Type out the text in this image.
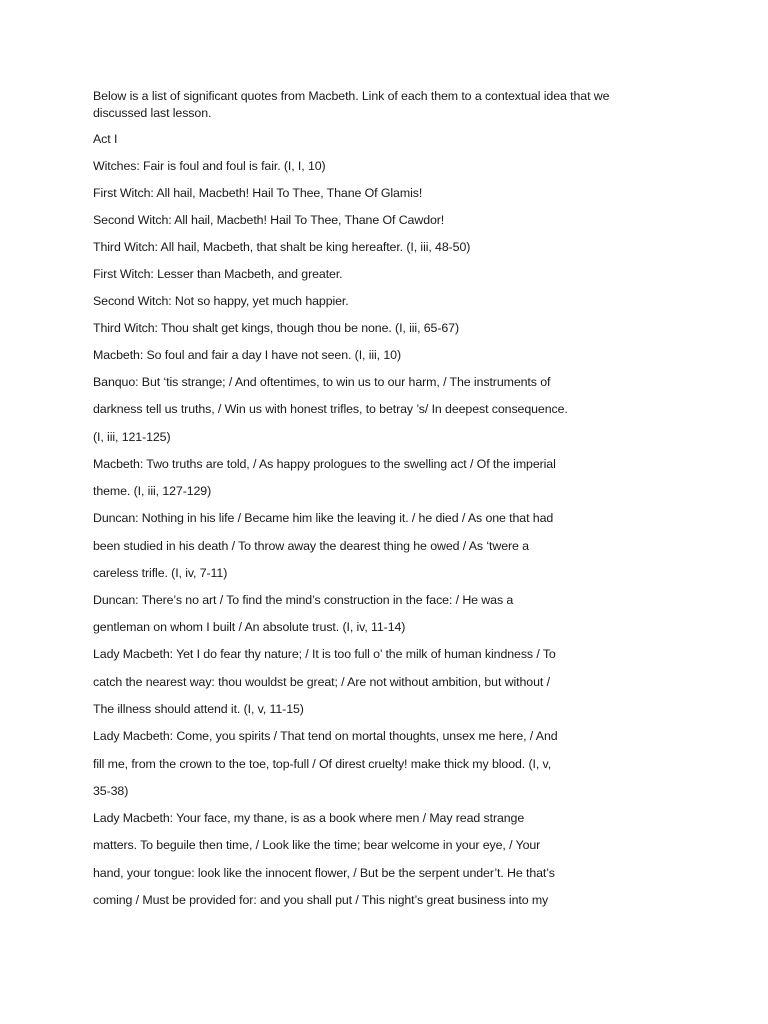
Below is a list of significant quotes from Macbeth. Link of each them to a contextual idea that we
discussed last lesson.
Act I
Witches: Fair is foul and foul is fair. (I, I, 10)
First Witch: All hail, Macbeth! Hail To Thee, Thane Of Glamis!
Second Witch: All hail, Macbeth! Hail To Thee, Thane Of Cawdor!
Third Witch: All hail, Macbeth, that shalt be king hereafter. (I, iii, 48-50)
First Witch: Lesser than Macbeth, and greater.
Second Witch: Not so happy, yet much happier.
Third Witch: Thou shalt get kings, though thou be none. (I, iii, 65-67)
Macbeth: So foul and fair a day I have not seen. (I, iii, 10)
Banquo: But ‘tis strange; / And oftentimes, to win us to our harm, / The instruments of
darkness tell us truths, / Win us with honest trifles, to betray ’s/ In deepest consequence.
(I, iii, 121-125)
Macbeth: Two truths are told, / As happy prologues to the swelling act / Of the imperial
theme. (I, iii, 127-129)
Duncan: Nothing in his life / Became him like the leaving it. / he died / As one that had
been studied in his death / To throw away the dearest thing he owed / As ‘twere a
careless trifle. (I, iv, 7-11)
Duncan: There’s no art / To find the mind’s construction in the face: / He was a
gentleman on whom I built / An absolute trust. (I, iv, 11-14)
Lady Macbeth: Yet I do fear thy nature; / It is too full o’ the milk of human kindness / To
catch the nearest way: thou wouldst be great; / Are not without ambition, but without /
The illness should attend it. (I, v, 11-15)
Lady Macbeth: Come, you spirits / That tend on mortal thoughts, unsex me here, / And
fill me, from the crown to the toe, top-full / Of direst cruelty! make thick my blood. (I, v,
35-38)
Lady Macbeth: Your face, my thane, is as a book where men / May read strange
matters. To beguile then time, / Look like the time; bear welcome in your eye, / Your
hand, your tongue: look like the innocent flower, / But be the serpent under’t. He that’s
coming / Must be provided for: and you shall put / This night’s great business into my
